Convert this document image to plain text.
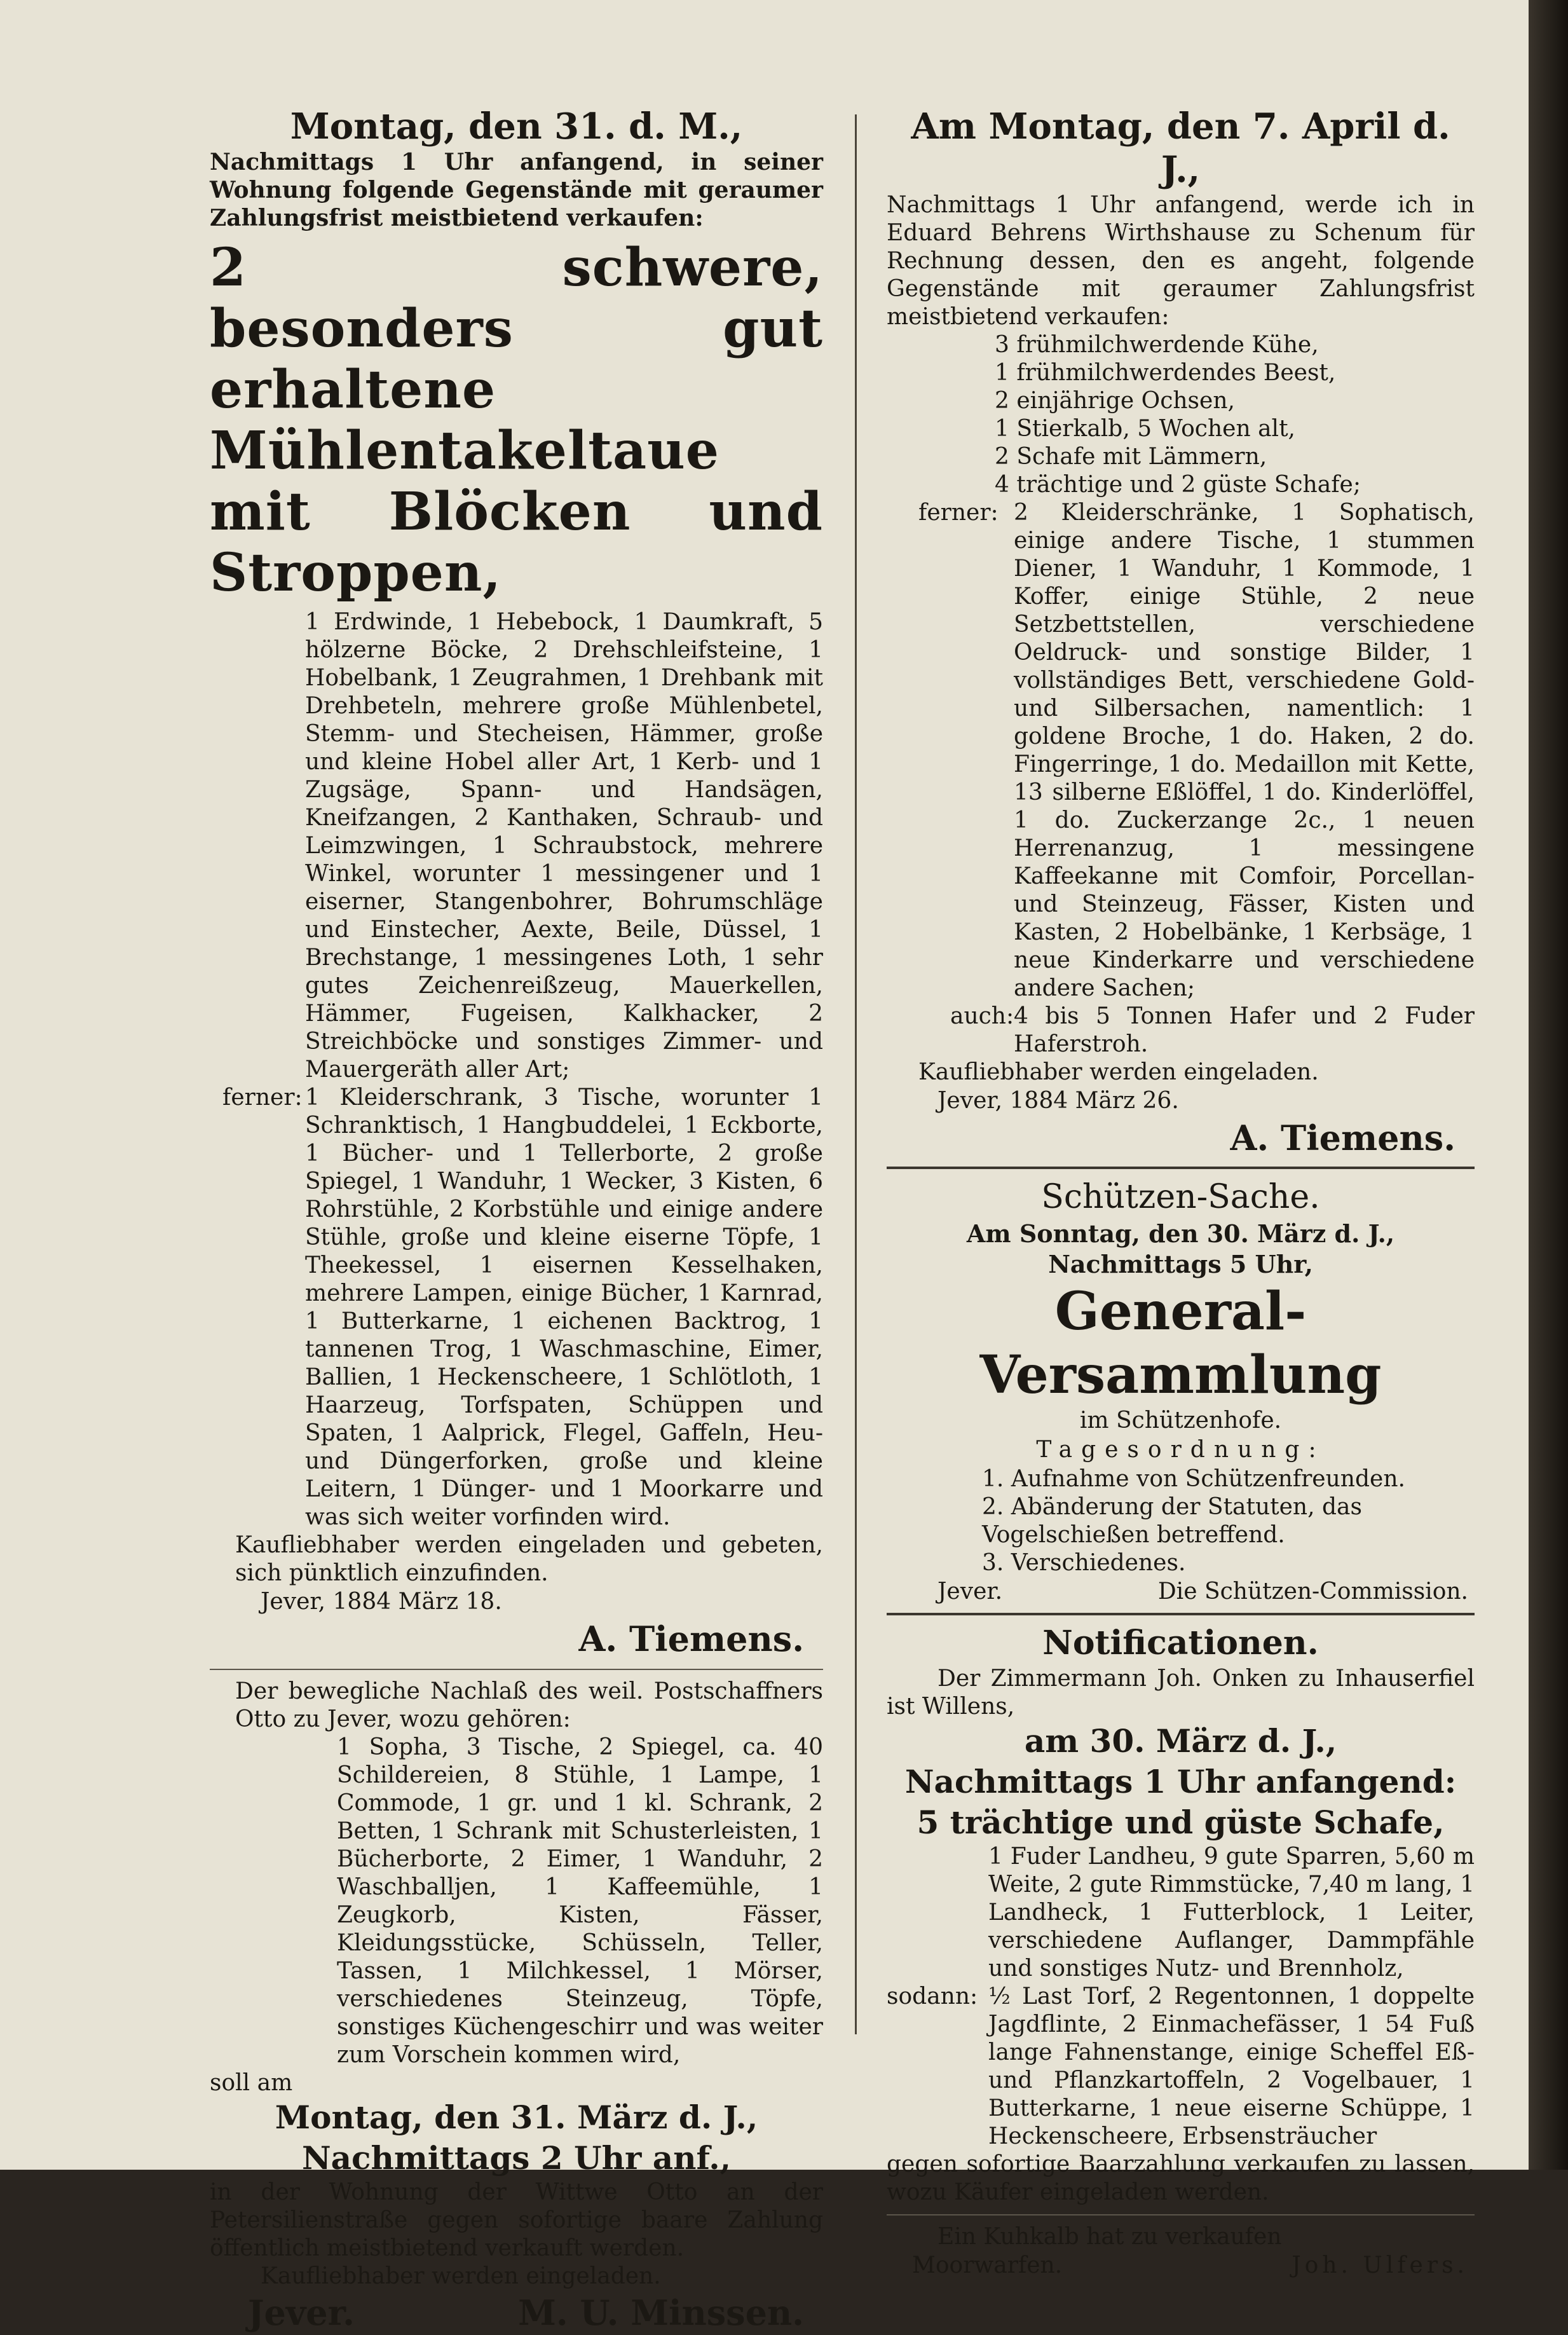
Montag, den 31. d. M.,

Nachmittags 1 Uhr anfangend, in seiner Wohnung folgende Gegenstände mit geraumer Zahlungsfrist meistbietend verkaufen:

2 schwere, besonders gut erhaltene Mühlentakeltaue mit Blöcken und Stroppen,

1 Erdwinde, 1 Hebebock, 1 Daumkraft, 5 hölzerne Böcke, 2 Drehschleifsteine, 1 Hobelbank, 1 Zeugrahmen, 1 Drehbank mit Drehbeteln, mehrere große Mühlenbetel, Stemm- und Stecheisen, Hämmer, große und kleine Hobel aller Art, 1 Kerb- und 1 Zugsäge, Spann- und Handsägen, Kneifzangen, 2 Kanthaken, Schraub- und Leimzwingen, 1 Schraubstock, mehrere Winkel, worunter 1 messingener und 1 eiserner, Stangenbohrer, Bohrumschläge und Einstecher, Aexte, Beile, Düssel, 1 Brechstange, 1 messingenes Loth, 1 sehr gutes Zeichenreißzeug, Mauerkellen, Hämmer, Fugeisen, Kalkhacker, 2 Streichböcke und sonstiges Zimmer- und Mauergeräth aller Art;

ferner: 1 Kleiderschrank, 3 Tische, worunter 1 Schranktisch, 1 Hangbuddelei, 1 Eckborte, 1 Bücher- und 1 Tellerborte, 2 große Spiegel, 1 Wanduhr, 1 Wecker, 3 Kisten, 6 Rohrstühle, 2 Korbstühle und einige andere Stühle, große und kleine eiserne Töpfe, 1 Theekessel, 1 eisernen Kesselhaken, mehrere Lampen, einige Bücher, 1 Karnrad, 1 Butterkarne, 1 eichenen Backtrog, 1 tannenen Trog, 1 Waschmaschine, Eimer, Ballien, 1 Heckenscheere, 1 Schlötloth, 1 Haarzeug, Torfspaten, Schüppen und Spaten, 1 Aalprick, Flegel, Gaffeln, Heu- und Düngerforken, große und kleine Leitern, 1 Dünger- und 1 Moorkarre und was sich weiter vorfinden wird.

Kaufliebhaber werden eingeladen und gebeten, sich pünktlich einzufinden.

Jever, 1884 März 18.

A. Tiemens.

Der bewegliche Nachlaß des weil. Postschaffners Otto zu Jever, wozu gehören:

1 Sopha, 3 Tische, 2 Spiegel, ca. 40 Schildereien, 8 Stühle, 1 Lampe, 1 Commode, 1 gr. und 1 kl. Schrank, 2 Betten, 1 Schrank mit Schusterleisten, 1 Bücherborte, 2 Eimer, 1 Wanduhr, 2 Waschballjen, 1 Kaffeemühle, 1 Zeugkorb, Kisten, Fässer, Kleidungsstücke, Schüsseln, Teller, Tassen, 1 Milchkessel, 1 Mörser, verschiedenes Steinzeug, Töpfe, sonstiges Küchengeschirr und was weiter zum Vorschein kommen wird,

soll am

Montag, den 31. März d. J.,

Nachmittags 2 Uhr anf.,

in der Wohnung der Wittwe Otto an der Petersilienstraße gegen sofortige baare Zahlung öffentlich meistbietend verkauft werden.

Kaufliebhaber werden eingeladen.

Jever.	M. U. Minssen.

Am Montag, den 7. April d. J.,

Nachmittags 1 Uhr anfangend, werde ich in Eduard Behrens Wirthshause zu Schenum für Rechnung dessen, den es angeht, folgende Gegenstände mit geraumer Zahlungsfrist meistbietend verkaufen:

3 frühmilchwerdende Kühe,
1 frühmilchwerdendes Beest,
2 einjährige Ochsen,
1 Stierkalb, 5 Wochen alt,
2 Schafe mit Lämmern,
4 trächtige und 2 güste Schafe;
ferner: 2 Kleiderschränke, 1 Sophatisch, einige andere Tische, 1 stummen Diener, 1 Wanduhr, 1 Kommode, 1 Koffer, einige Stühle, 2 neue Setzbettstellen, verschiedene Oeldruck- und sonstige Bilder, 1 vollständiges Bett, verschiedene Gold- und Silbersachen, namentlich: 1 goldene Broche, 1 do. Haken, 2 do. Fingerringe, 1 do. Medaillon mit Kette, 13 silberne Eßlöffel, 1 do. Kinderlöffel, 1 do. Zuckerzange 2c., 1 neuen Herrenanzug, 1 messingene Kaffeekanne mit Comfoir, Porcellan- und Steinzeug, Fässer, Kisten und Kasten, 2 Hobelbänke, 1 Kerbsäge, 1 neue Kinderkarre und verschiedene andere Sachen;
auch: 4 bis 5 Tonnen Hafer und 2 Fuder Haferstroh.

Kaufliebhaber werden eingeladen.

Jever, 1884 März 26.

A. Tiemens.

Schützen-Sache.

Am Sonntag, den 30. März d. J.,

Nachmittags 5 Uhr,

General-Versammlung

im Schützenhofe.

Tagesordnung:

1. Aufnahme von Schützenfreunden.
2. Abänderung der Statuten, das Vogelschießen betreffend.
3. Verschiedenes.
Jever.	Die Schützen-Commission.

Notificationen.

Der Zimmermann Joh. Onken zu Inhauserfiel ist Willens,

am 30. März d. J.,

Nachmittags 1 Uhr anfangend:

5 trächtige und güste Schafe,

1 Fuder Landheu, 9 gute Sparren, 5,60 m Weite, 2 gute Rimmstücke, 7,40 m lang, 1 Landheck, 1 Futterblock, 1 Leiter, verschiedene Auflanger, Dammpfähle und sonstiges Nutz- und Brennholz,

sodann: ½ Last Torf, 2 Regentonnen, 1 doppelte Jagdflinte, 2 Einmachefässer, 1 54 Fuß lange Fahnenstange, einige Scheffel Eß- und Pflanzkartoffeln, 2 Vogelbauer, 1 Butterkarne, 1 neue eiserne Schüppe, 1 Heckenscheere, Erbsensträucher

gegen sofortige Baarzahlung verkaufen zu lassen, wozu Käufer eingeladen werden.

Ein Kuhkalb hat zu verkaufen

Moorwarfen.	Joh. Ulfers.
